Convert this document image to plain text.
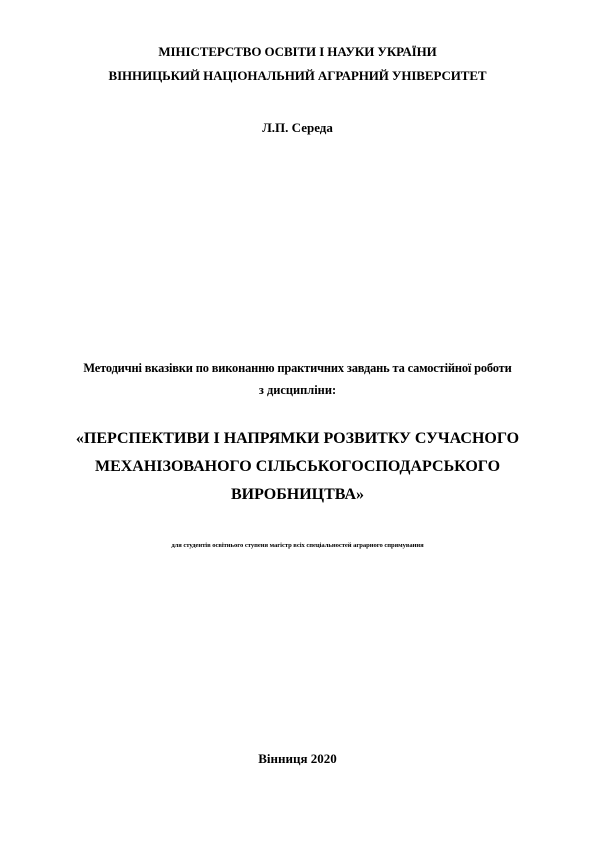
МІНІСТЕРСТВО ОСВІТИ І НАУКИ УКРАЇНИ
ВІННИЦЬКИЙ НАЦІОНАЛЬНИЙ АГРАРНИЙ УНІВЕРСИТЕТ
Л.П. Середа
Методичні вказівки по виконанню практичних завдань та самостійної роботи
з дисципліни:
«ПЕРСПЕКТИВИ І НАПРЯМКИ РОЗВИТКУ СУЧАСНОГО
МЕХАНІЗОВАНОГО СІЛЬСЬКОГОСПОДАРСЬКОГО
ВИРОБНИЦТВА»
для студентів освітнього ступеня магістр всіх спеціальностей аграрного спрямування
Вінниця 2020
